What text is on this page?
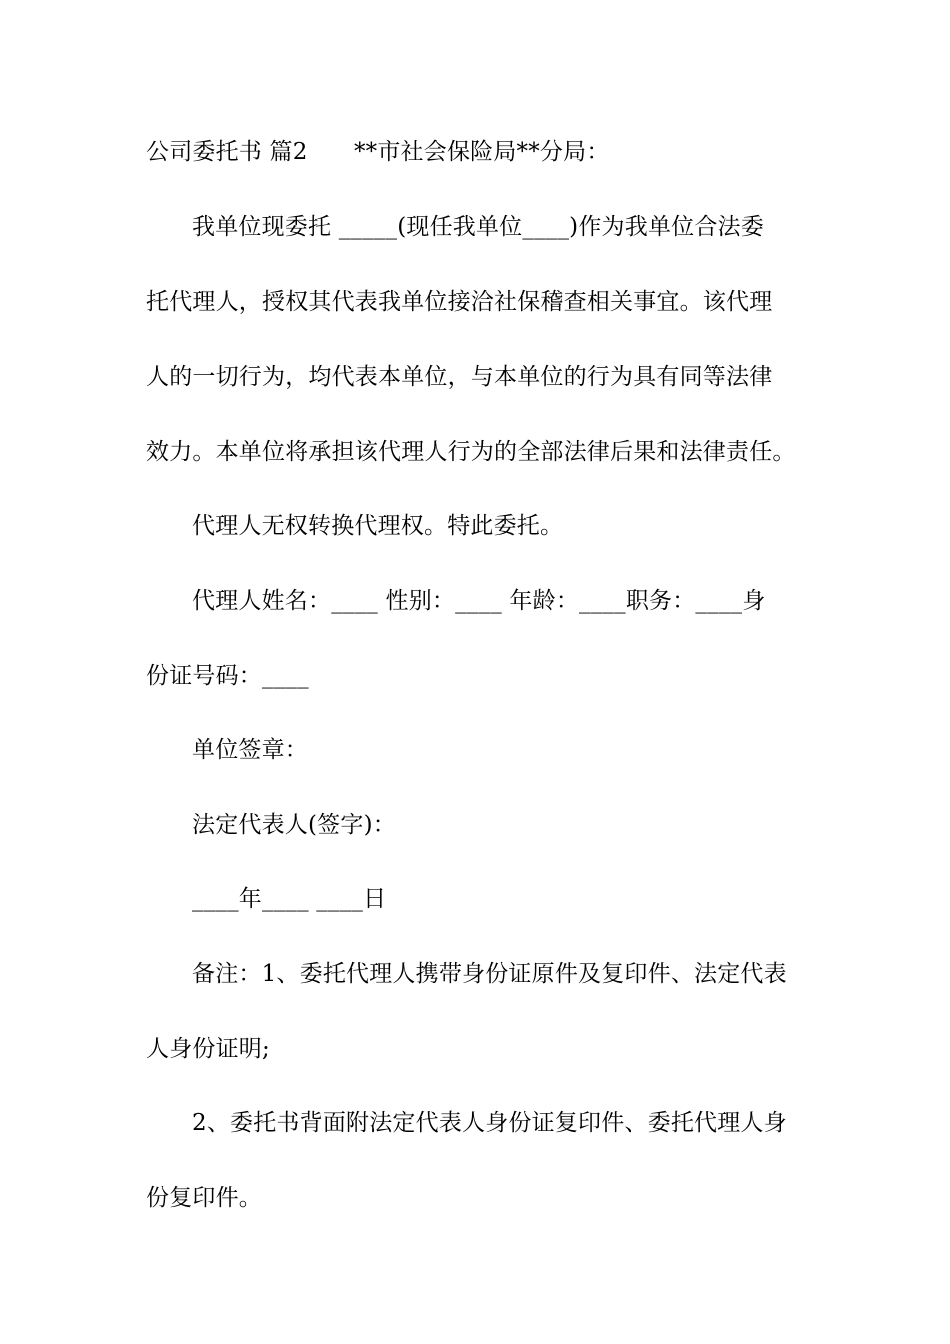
公司委托书 篇2　　**市社会保险局**分局：
我单位现委托 _____(现任我单位____)作为我单位合法委
托代理人，授权其代表我单位接洽社保稽查相关事宜。该代理
人的一切行为，均代表本单位，与本单位的行为具有同等法律
效力。本单位将承担该代理人行为的全部法律后果和法律责任。
代理人无权转换代理权。特此委托。
代理人姓名：____ 性别：____ 年龄：____职务：____身
份证号码：____
单位签章：
法定代表人(签字)：
____年____ ____日
备注：1、委托代理人携带身份证原件及复印件、法定代表
人身份证明;
2、委托书背面附法定代表人身份证复印件、委托代理人身
份复印件。
